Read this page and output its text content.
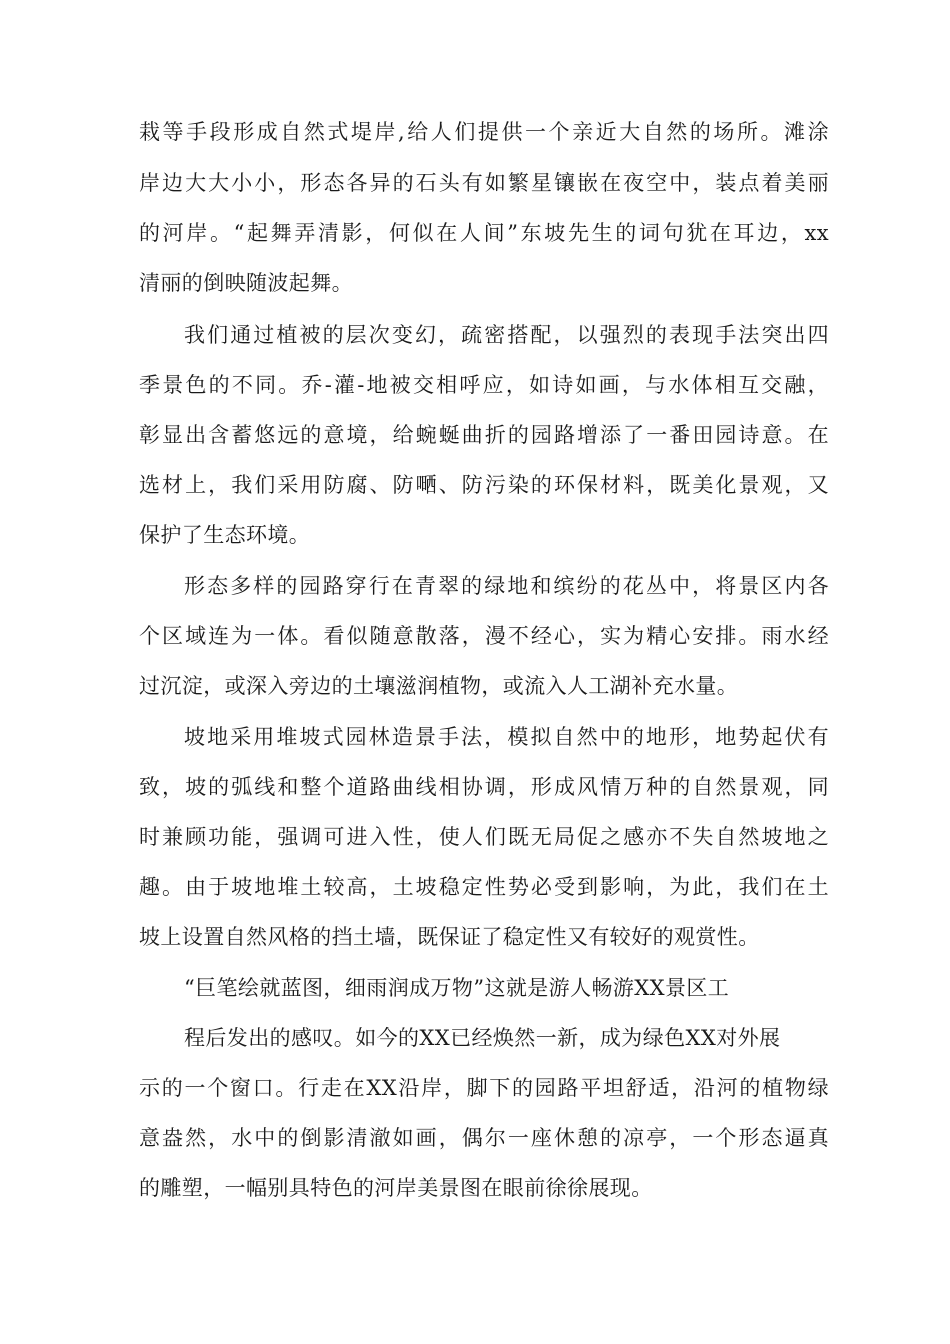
栽等手段形成自然式堤岸,给人们提供一个亲近大自然的场所。滩涂
岸边大大小小，形态各异的石头有如繁星镶嵌在夜空中，装点着美丽
的河岸。“起舞弄清影，何似在人间”东坡先生的词句犹在耳边，xx
清丽的倒映随波起舞。
我们通过植被的层次变幻，疏密搭配，以强烈的表现手法突出四
季景色的不同。乔-灌-地被交相呼应，如诗如画，与水体相互交融，
彰显出含蓄悠远的意境，给蜿蜒曲折的园路增添了一番田园诗意。在
选材上，我们采用防腐、防嗮、防污染的环保材料，既美化景观，又
保护了生态环境。
形态多样的园路穿行在青翠的绿地和缤纷的花丛中，将景区内各
个区域连为一体。看似随意散落，漫不经心，实为精心安排。雨水经
过沉淀，或深入旁边的土壤滋润植物，或流入人工湖补充水量。
坡地采用堆坡式园林造景手法，模拟自然中的地形，地势起伏有
致，坡的弧线和整个道路曲线相协调，形成风情万种的自然景观，同
时兼顾功能，强调可进入性，使人们既无局促之感亦不失自然坡地之
趣。由于坡地堆土较高，土坡稳定性势必受到影响，为此，我们在土
坡上设置自然风格的挡土墙，既保证了稳定性又有较好的观赏性。
“巨笔绘就蓝图，细雨润成万物”这就是游人畅游XX景区工
程后发出的感叹。如今的XX已经焕然一新，成为绿色XX对外展
示的一个窗口。行走在XX沿岸，脚下的园路平坦舒适，沿河的植物绿
意盎然，水中的倒影清澈如画，偶尔一座休憩的凉亭，一个形态逼真
的雕塑，一幅别具特色的河岸美景图在眼前徐徐展现。
